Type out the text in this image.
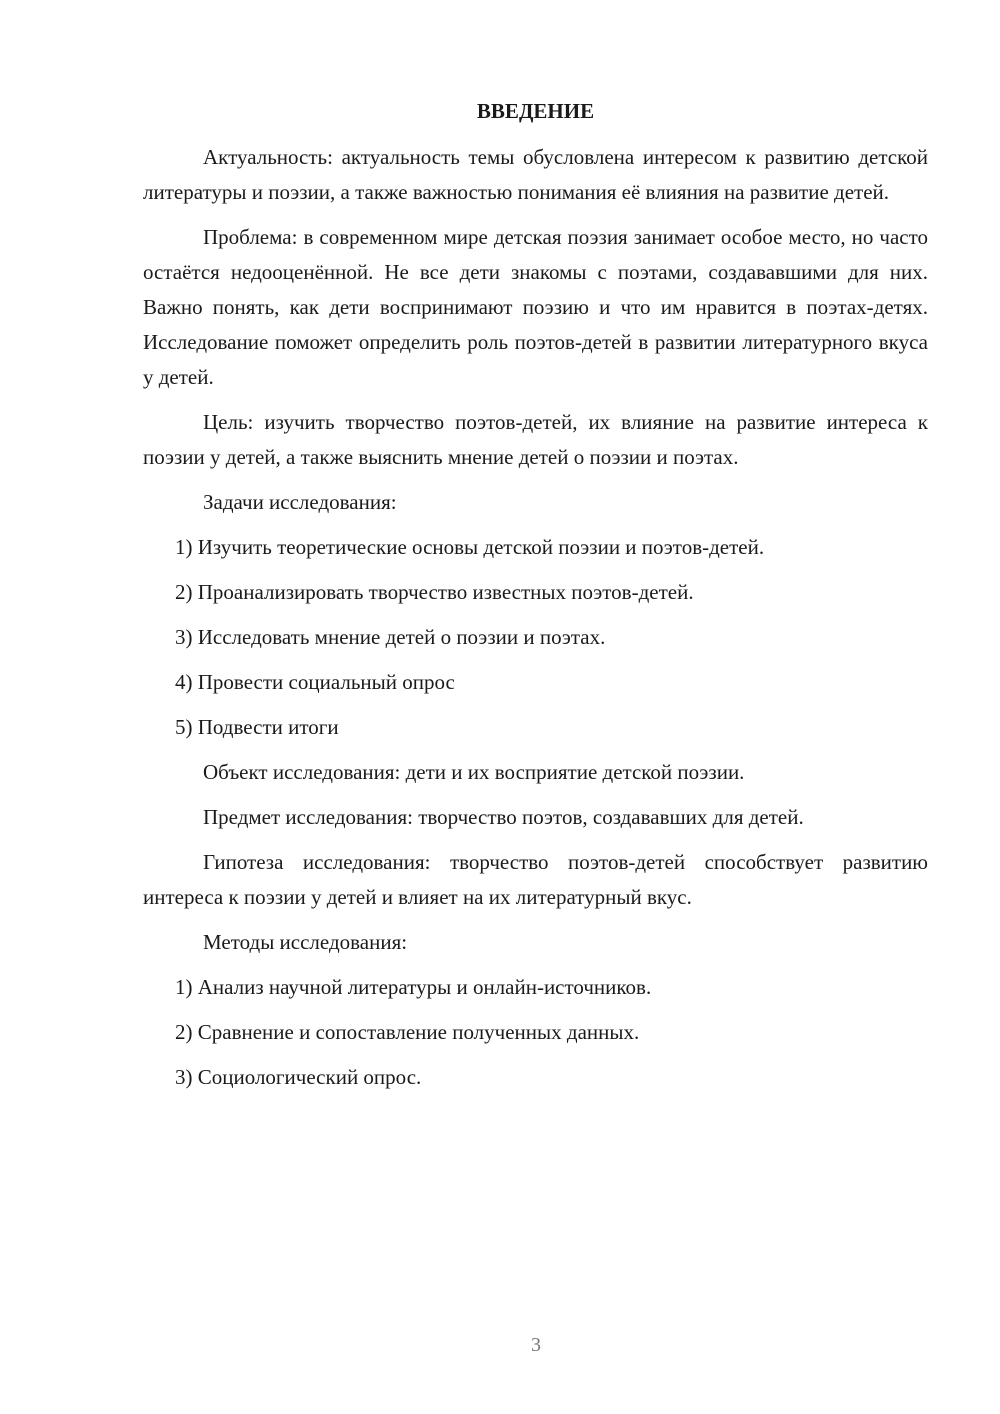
ВВЕДЕНИЕ

Актуальность: актуальность темы обусловлена интересом к развитию детской литературы и поэзии, а также важностью понимания её влияния на развитие детей.

Проблема: в современном мире детская поэзия занимает особое место, но часто остаётся недооценённой. Не все дети знакомы с поэтами, создававшими для них. Важно понять, как дети воспринимают поэзию и что им нравится в поэтах-детях. Исследование поможет определить роль поэтов-детей в развитии литературного вкуса у детей.

Цель: изучить творчество поэтов-детей, их влияние на развитие интереса к поэзии у детей, а также выяснить мнение детей о поэзии и поэтах.

Задачи исследования:

1) Изучить теоретические основы детской поэзии и поэтов-детей.

2) Проанализировать творчество известных поэтов-детей.

3) Исследовать мнение детей о поэзии и поэтах.

4) Провести социальный опрос

5) Подвести итоги

Объект исследования: дети и их восприятие детской поэзии.

Предмет исследования: творчество поэтов, создававших для детей.

Гипотеза исследования: творчество поэтов-детей способствует развитию интереса к поэзии у детей и влияет на их литературный вкус.

Методы исследования:

1) Анализ научной литературы и онлайн-источников.

2) Сравнение и сопоставление полученных данных.

3) Социологический опрос.

3
